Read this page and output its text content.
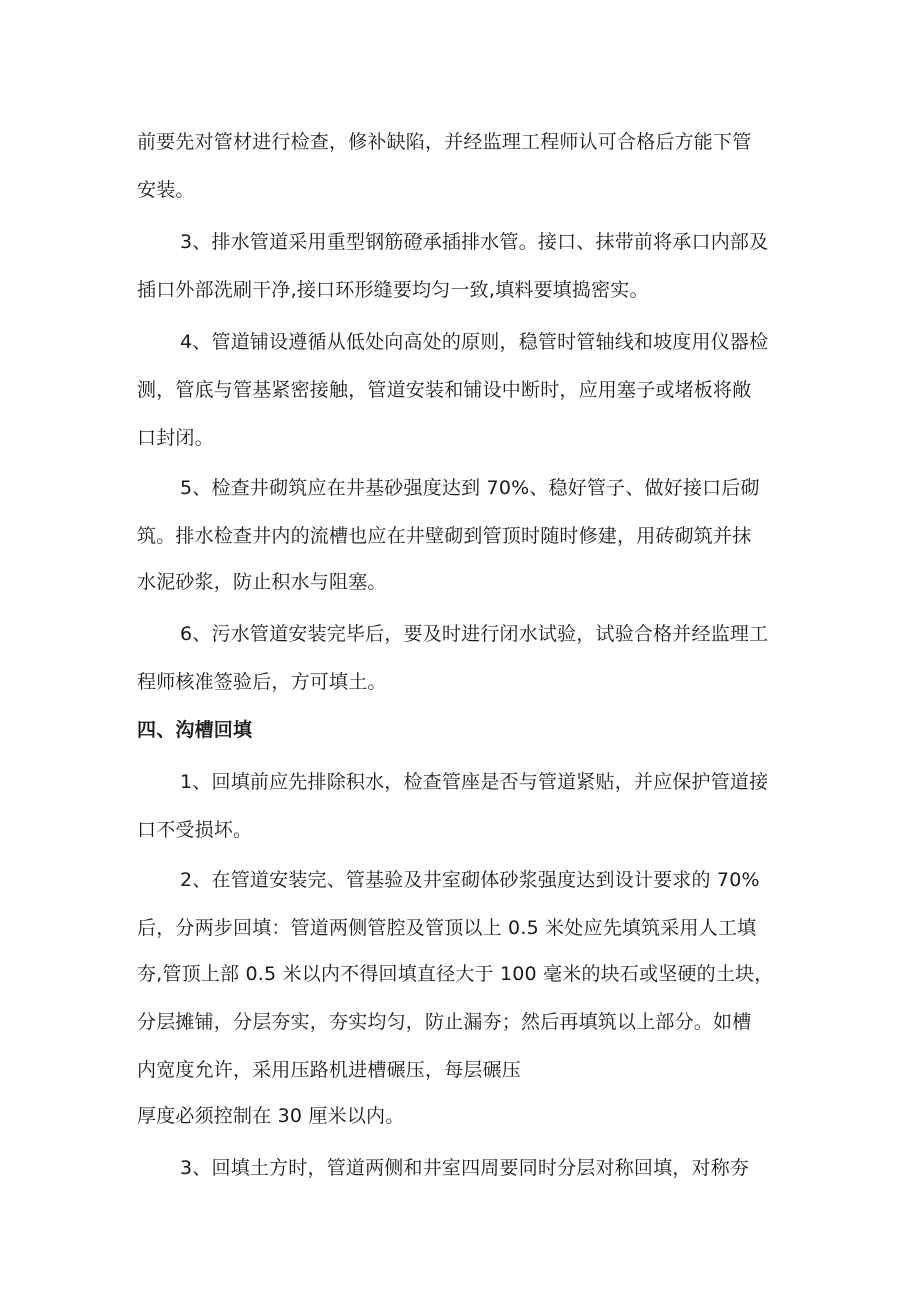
前要先对管材进行检查，修补缺陷，并经监理工程师认可合格后方能下管
安装。
3、排水管道采用重型钢筋磴承插排水管。接口、抹带前将承口内部及
插口外部洗刷干净,接口环形缝要均匀一致,填料要填捣密实。
4、管道铺设遵循从低处向高处的原则，稳管时管轴线和坡度用仪器检
测，管底与管基紧密接触，管道安装和铺设中断时，应用塞子或堵板将敞
口封闭。
5、检查井砌筑应在井基砂强度达到 70%、稳好管子、做好接口后砌
筑。排水检查井内的流槽也应在井壁砌到管顶时随时修建，用砖砌筑并抹
水泥砂浆，防止积水与阻塞。
6、污水管道安装完毕后，要及时进行闭水试验，试验合格并经监理工
程师核准签验后，方可填土。
四、沟槽回填
1、回填前应先排除积水，检查管座是否与管道紧贴，并应保护管道接
口不受损坏。
2、在管道安装完、管基验及井室砌体砂浆强度达到设计要求的 70%
后，分两步回填：管道两侧管腔及管顶以上 0.5 米处应先填筑采用人工填
夯,管顶上部 0.5 米以内不得回填直径大于 100 毫米的块石或坚硬的土块，
分层摊铺，分层夯实，夯实均匀，防止漏夯；然后再填筑以上部分。如槽
内宽度允许，采用压路机进槽碾压，每层碾压
厚度必须控制在 30 厘米以内。
3、回填土方时，管道两侧和井室四周要同时分层对称回填，对称夯
